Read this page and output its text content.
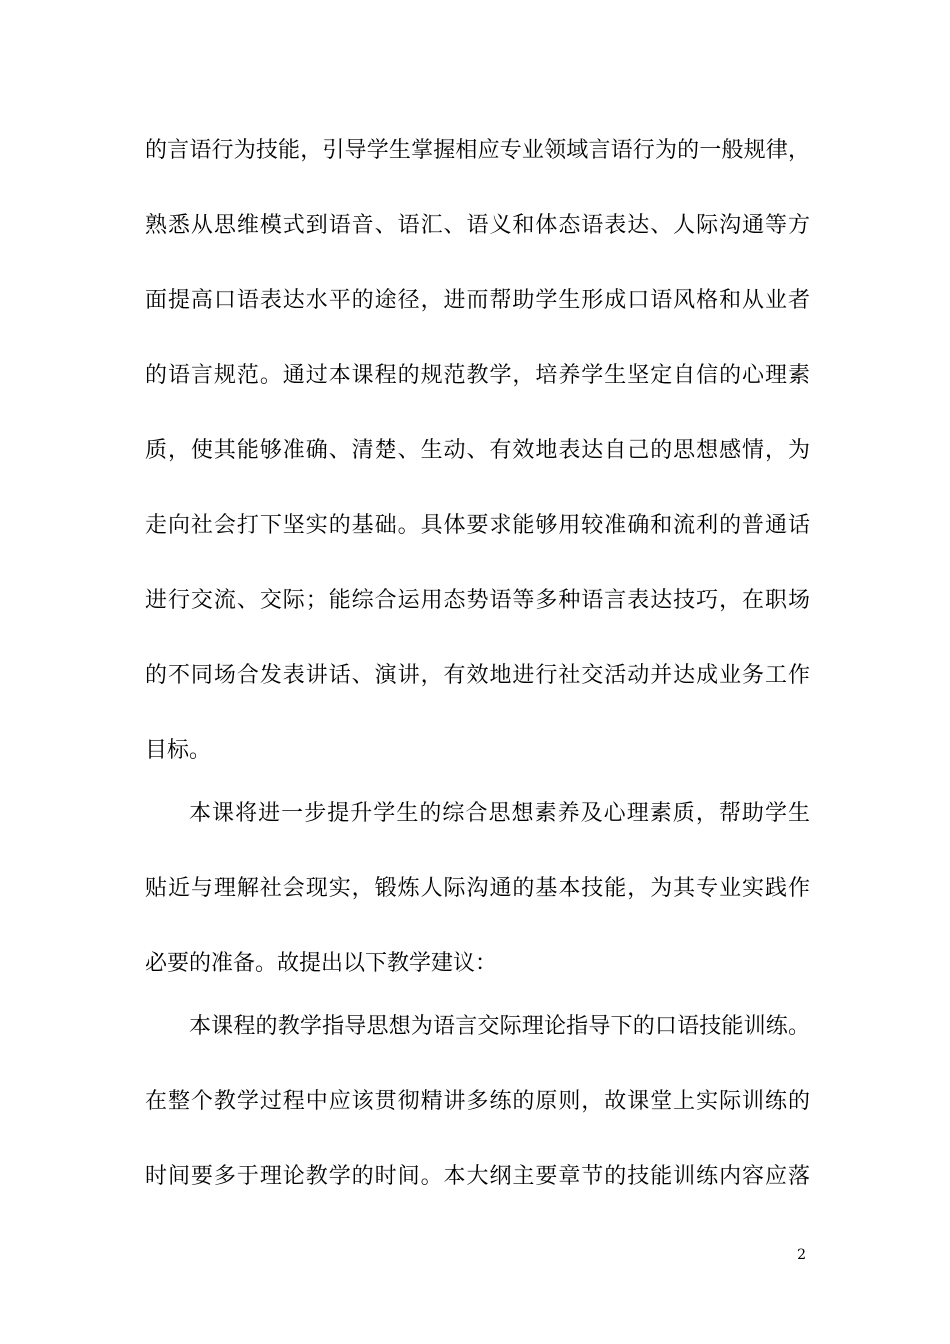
的言语行为技能，引导学生掌握相应专业领域言语行为的一般规律，
熟悉从思维模式到语音、语汇、语义和体态语表达、人际沟通等方
面提高口语表达水平的途径，进而帮助学生形成口语风格和从业者
的语言规范。通过本课程的规范教学，培养学生坚定自信的心理素
质，使其能够准确、清楚、生动、有效地表达自己的思想感情，为
走向社会打下坚实的基础。具体要求能够用较准确和流利的普通话
进行交流、交际；能综合运用态势语等多种语言表达技巧，在职场
的不同场合发表讲话、演讲，有效地进行社交活动并达成业务工作
目标。
本课将进一步提升学生的综合思想素养及心理素质，帮助学生
贴近与理解社会现实，锻炼人际沟通的基本技能，为其专业实践作
必要的准备。故提出以下教学建议：
本课程的教学指导思想为语言交际理论指导下的口语技能训练。
在整个教学过程中应该贯彻精讲多练的原则，故课堂上实际训练的
时间要多于理论教学的时间。本大纲主要章节的技能训练内容应落
2
